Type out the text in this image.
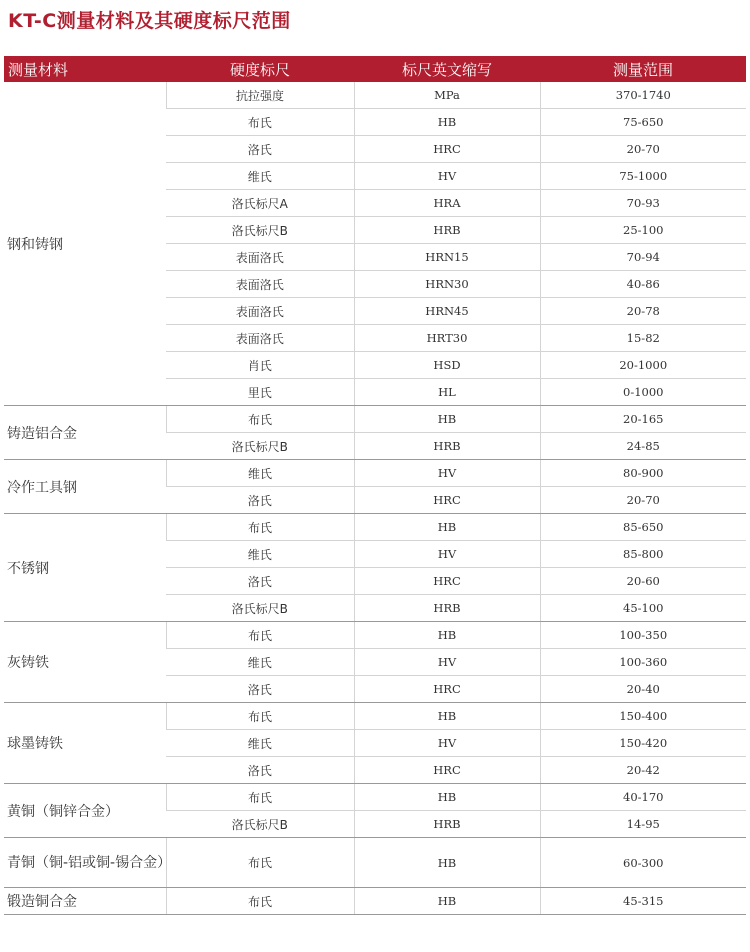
KT-C测量材料及其硬度标尺范围
测量材料	硬度标尺	标尺英文缩写	测量范围
钢和铸钢	抗拉强度	MPa	370-1740
	布氏	HB	75-650
	洛氏	HRC	20-70
	维氏	HV	75-1000
	洛氏标尺A	HRA	70-93
	洛氏标尺B	HRB	25-100
	表面洛氏	HRN15	70-94
	表面洛氏	HRN30	40-86
	表面洛氏	HRN45	20-78
	表面洛氏	HRT30	15-82
	肖氏	HSD	20-1000
	里氏	HL	0-1000
铸造铝合金	布氏	HB	20-165
	洛氏标尺B	HRB	24-85
冷作工具钢	维氏	HV	80-900
	洛氏	HRC	20-70
不锈钢	布氏	HB	85-650
	维氏	HV	85-800
	洛氏	HRC	20-60
	洛氏标尺B	HRB	45-100
灰铸铁	布氏	HB	100-350
	维氏	HV	100-360
	洛氏	HRC	20-40
球墨铸铁	布氏	HB	150-400
	维氏	HV	150-420
	洛氏	HRC	20-42
黄铜（铜锌合金）	布氏	HB	40-170
	洛氏标尺B	HRB	14-95
青铜（铜-铝或铜-锡合金）	布氏	HB	60-300
锻造铜合金	布氏	HB	45-315
